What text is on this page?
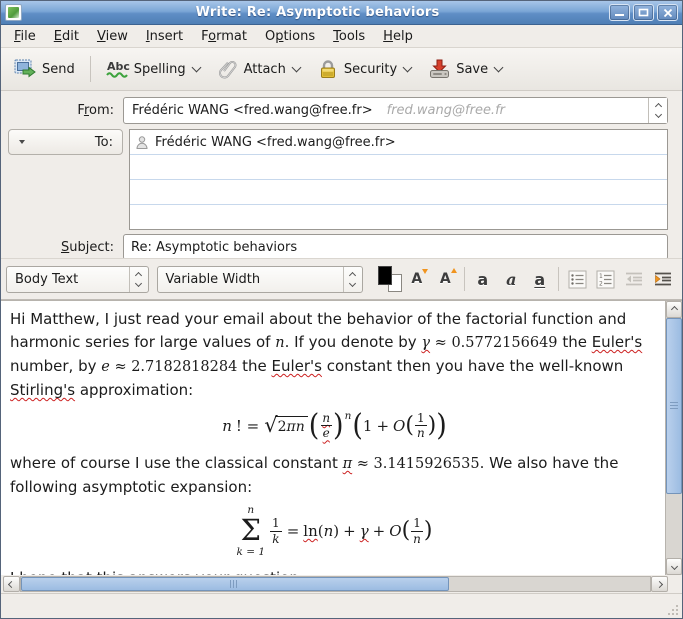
Write: Re: Asymptotic behaviors
File	Edit	View	Insert	Format	Options	Tools	Help
Send	Abc Spelling	Attach	Security	Save
From:	Frédéric WANG <fred.wang@free.fr>	fred.wang@free.fr
To:	Frédéric WANG <fred.wang@free.fr>
Subject:
Re: Asymptotic behaviors
Body Text	Variable Width	A A a a a	1
2

Hi Matthew, I just read your email about the behavior of the factorial function and harmonic series for large values of n. If you denote by γ ≈ 0.5772156649 the Euler's number, by e ≈ 2.7182818284 the Euler's constant then you have the well-known Stirling's approximation:

n ! = √ 2πn ( $\frac{n}{e}$ ) n ( 1 + O ( $\frac{1}{n}$ ) )

where of course I use the classical constant π ≈ 3.1415926535. We also have the following asymptotic expansion:

n
Σ
k = 1
$\frac{1}{k} = \ln$ ( n ) + γ + O ( $\frac{1}{n}$ )
